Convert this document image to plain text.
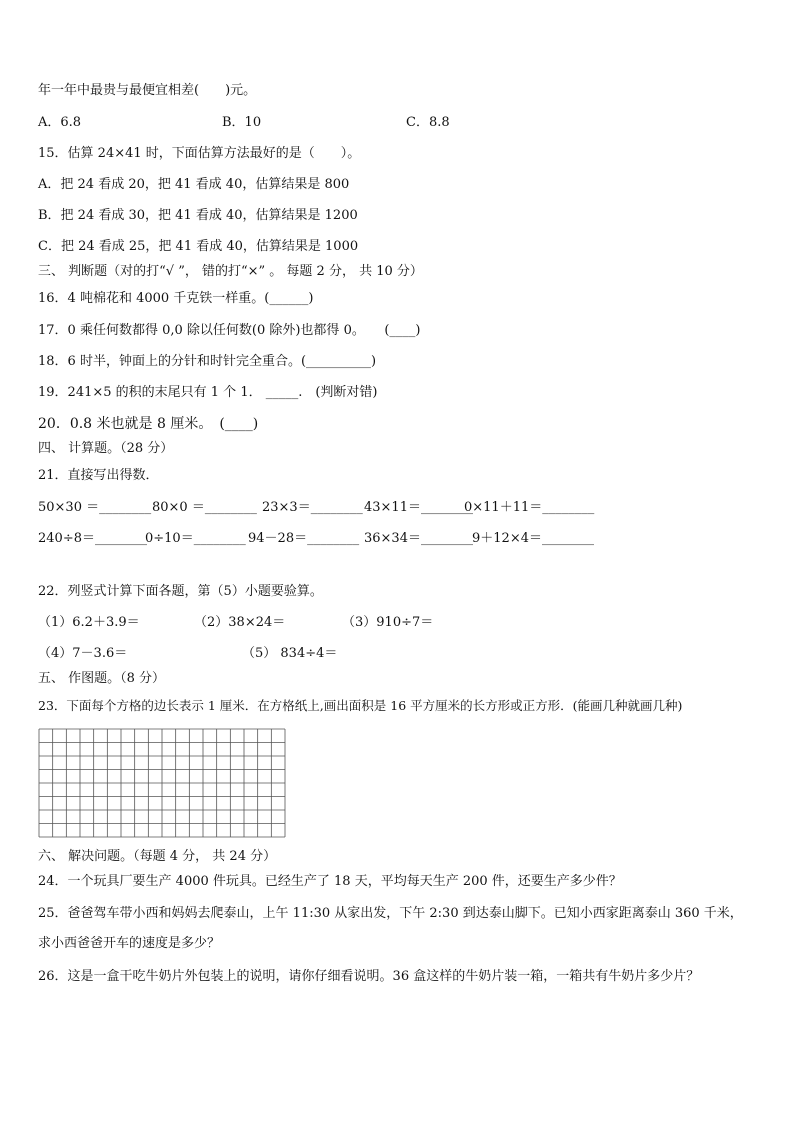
年一年中最贵与最便宜相差(　　)元。
A．6.8	B．10	C．8.8
15．估算 24×41 时，下面估算方法最好的是（　　）。
A．把 24 看成 20，把 41 看成 40，估算结果是 800
B．把 24 看成 30，把 41 看成 40，估算结果是 1200
C．把 24 看成 25，把 41 看成 40，估算结果是 1000
三、 判断题（对的打“√ ”， 错的打“×” 。 每题 2 分， 共 10 分）
16．4 吨棉花和 4000 千克铁一样重。(______)
17．0 乘任何数都得 0,0 除以任何数(0 除外)也都得 0。　　(____)
18．6 时半，钟面上的分针和时针完全重合。(__________)
19．241×5 的积的末尾只有 1 个 1． _____.　(判断对错)
20．0.8 米也就是 8 厘米。　(____)
四、 计算题。（28 分）
21．直接写出得数．
50×30 ＝________ 80×0 ＝________ 23×3＝________ 43×11＝________
0×11＋11＝________
240÷8＝________
0÷10＝________ 94－28＝________ 36×34＝________ 9＋12×4＝________
22．列竖式计算下面各题，第（5）小题要验算。
（1）6.2＋3.9＝	（2）38×24＝	（3）910÷7＝
（4）7－3.6＝	（5） 834÷4＝
五、 作图题。（8 分）
23．下面每个方格的边长表示 1 厘米．在方格纸上,画出面积是 16 平方厘米的长方形或正方形．(能画几种就画几种)
六、 解决问题。（每题 4 分， 共 24 分）
24．一个玩具厂要生产 4000 件玩具。已经生产了 18 天，平均每天生产 200 件，还要生产多少件？
25．爸爸驾车带小西和妈妈去爬泰山，上午 11:30 从家出发，下午 2:30 到达泰山脚下。已知小西家距离泰山 360 千米，
求小西爸爸开车的速度是多少？
26．这是一盒干吃牛奶片外包装上的说明，请你仔细看说明。36 盒这样的牛奶片装一箱，一箱共有牛奶片多少片？
